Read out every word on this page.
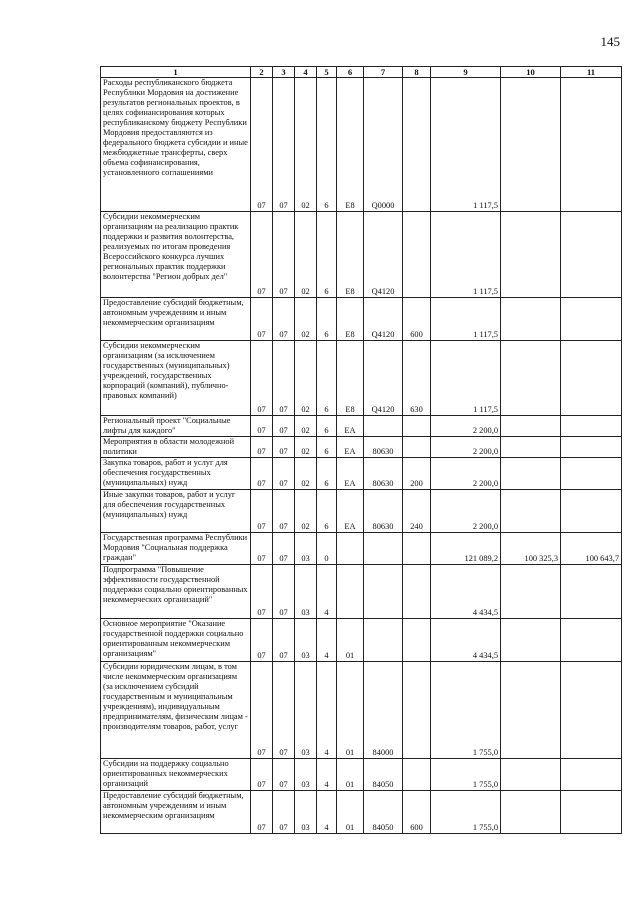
145
1	2	3	4	5	6	7	8	9	10	11
Расходы республиканского бюджета Республики Мордовия на достижение результатов региональных проектов, в целях софинансирования которых республиканскому бюджету Республики Мордовия предоставляются из федерального бюджета субсидии и иные межбюджетные трансферты, сверх объема софинансирования, установленного соглашениями	07	07	02	6	E8	Q0000		1 117,5		
Субсидии некоммерческим организациям на реализацию практик поддержки и развития волонтерства, реализуемых по итогам проведения Всероссийского конкурса лучших региональных практик поддержки волонтерства "Регион добрых дел"	07	07	02	6	E8	Q4120		1 117,5		
Предоставление субсидий бюджетным, автономным учреждениям и иным некоммерческим организациям	07	07	02	6	E8	Q4120	600	1 117,5		
Субсидии некоммерческим организациям (за исключением государственных (муниципальных) учреждений, государственных корпораций (компаний), публично-правовых компаний)	07	07	02	6	E8	Q4120	630	1 117,5		
Региональный проект "Социальные лифты для каждого"	07	07	02	6	EA			2 200,0		
Мероприятия в области молодежной политики	07	07	02	6	EA	80630		2 200,0		
Закупка товаров, работ и услуг для обеспечения государственных (муниципальных) нужд	07	07	02	6	EA	80630	200	2 200,0		
Иные закупки товаров, работ и услуг для обеспечения государственных (муниципальных) нужд	07	07	02	6	EA	80630	240	2 200,0		
Государственная программа Республики Мордовия "Социальная поддержка граждан"	07	07	03	0				121 089,2	100 325,3	100 643,7
Подпрограмма "Повышение эффективности государственной поддержки социально ориентированных некоммерческих организаций"	07	07	03	4				4 434,5		
Основное мероприятие "Оказание государственной поддержки социально ориентированным некоммерческим организациям"	07	07	03	4	01			4 434,5		
Субсидии юридическим лицам, в том числе некоммерческим организациям (за исключением субсидий государственным и муниципальным учреждениям), индивидуальным предпринимателям, физическим лицам - производителям товаров, работ, услуг	07	07	03	4	01	84000		1 755,0		
Субсидии на поддержку социально ориентированных некоммерческих организаций	07	07	03	4	01	84050		1 755,0		
Предоставление субсидий бюджетным, автономным учреждениям и иным некоммерческим организациям	07	07	03	4	01	84050	600	1 755,0		
